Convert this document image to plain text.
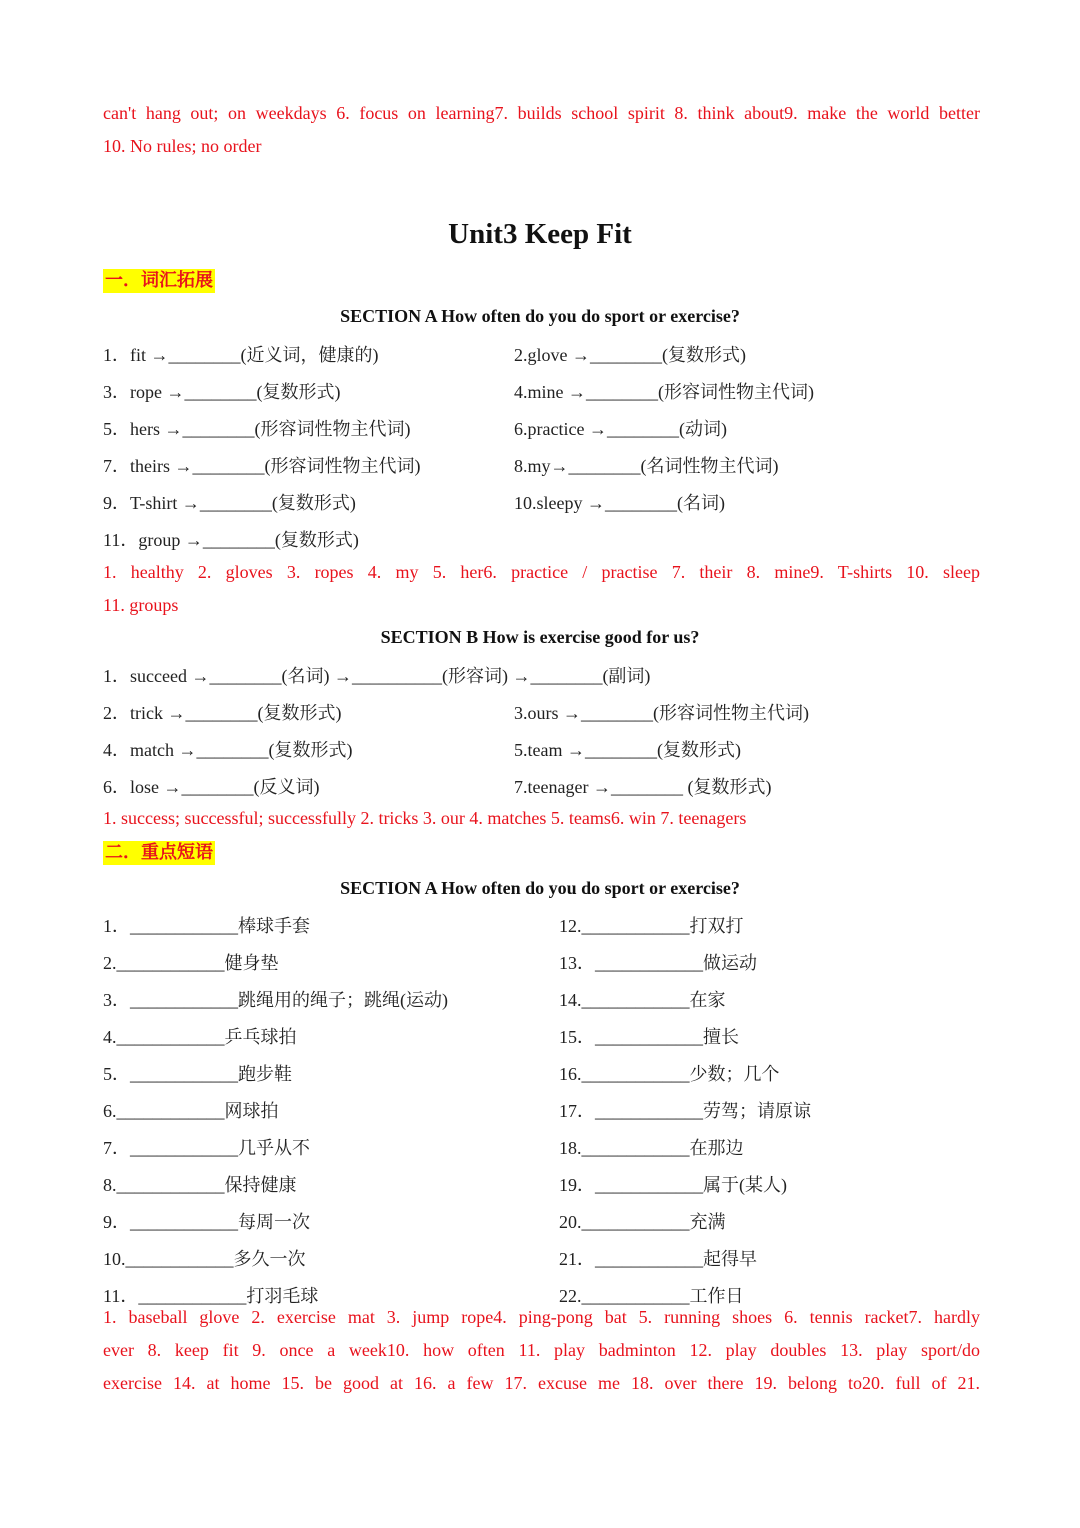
can't hang out; on weekdays 6. focus on learning7. builds school spirit 8. think about9. make the world better
10. No rules; no order
Unit3 Keep Fit
一．词汇拓展
SECTION A How often do you do sport or exercise?
1．fit →________(近义词，健康的)	2.glove →________(复数形式)
3．rope →________(复数形式)	4.mine →________(形容词性物主代词)
5．hers →________(形容词性物主代词)	6.practice →________(动词)
7．theirs →________(形容词性物主代词)	8.my→________(名词性物主代词)
9．T-shirt →________(复数形式)	10.sleepy →________(名词)
11．group →________(复数形式)
1. healthy 2. gloves 3. ropes 4. my 5. her6. practice / practise 7. their 8. mine9. T-shirts 10. sleep
11. groups
SECTION B How is exercise good for us?
1．succeed →________(名词) →__________(形容词) →________(副词)
2．trick →________(复数形式)	3.ours →________(形容词性物主代词)
4．match →________(复数形式)	5.team →________(复数形式)
6．lose →________(反义词)	7.teenager →________ (复数形式)
1. success; successful; successfully 2. tricks 3. our 4. matches 5. teams6. win 7. teenagers
二．重点短语
SECTION A How often do you do sport or exercise?
1．____________棒球手套
2.____________健身垫
3．____________跳绳用的绳子；跳绳(运动)
4.____________乒乓球拍
5．____________跑步鞋
6.____________网球拍
7．____________几乎从不
8.____________保持健康
9．____________每周一次
10.____________多久一次
11．____________打羽毛球
12.____________打双打
13．____________做运动
14.____________在家
15．____________擅长
16.____________少数；几个
17．____________劳驾；请原谅
18.____________在那边
19．____________属于(某人)
20.____________充满
21．____________起得早
22.____________工作日
1. baseball glove 2. exercise mat 3. jump rope4. ping-pong bat 5. running shoes 6. tennis racket7. hardly
ever 8. keep fit 9. once a week10. how often 11. play badminton 12. play doubles 13. play sport/do
exercise 14. at home 15. be good at 16. a few 17. excuse me 18. over there 19. belong to20. full of 21.
